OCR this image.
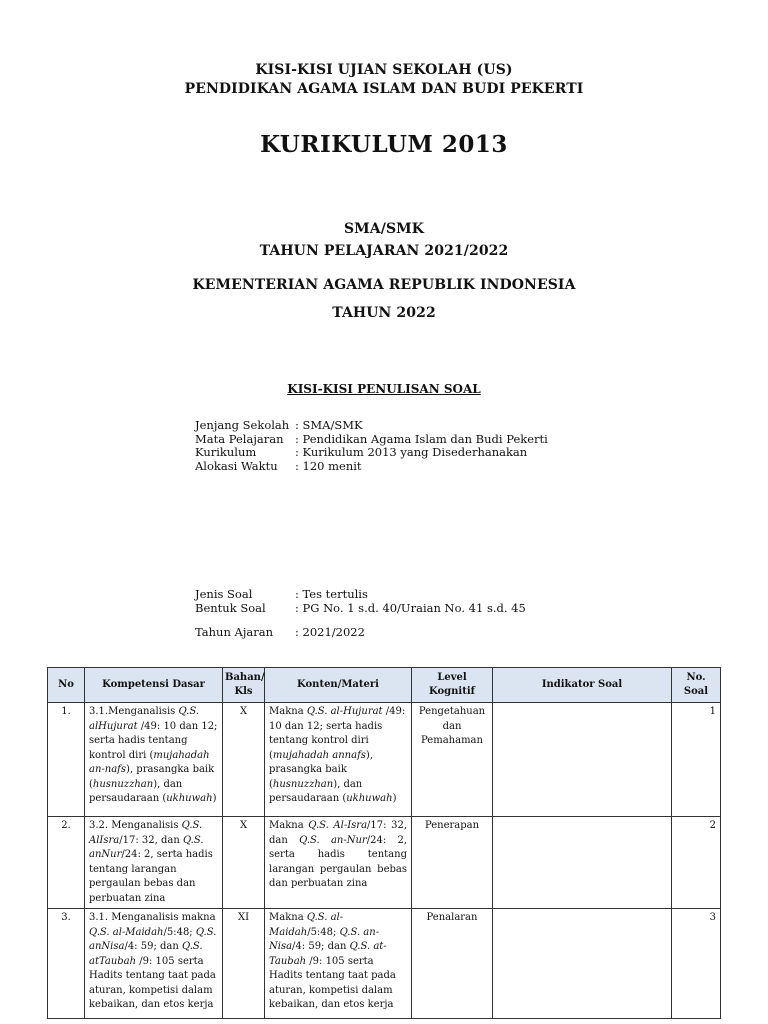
KISI-KISI UJIAN SEKOLAH (US)
PENDIDIKAN AGAMA ISLAM DAN BUDI PEKERTI
KURIKULUM 2013
SMA/SMK
TAHUN PELAJARAN 2021/2022
KEMENTERIAN AGAMA REPUBLIK INDONESIA
TAHUN 2022
KISI-KISI PENULISAN SOAL
Jenjang Sekolah : SMA/SMK
Mata Pelajaran : Pendidikan Agama Islam dan Budi Pekerti
Kurikulum	: Kurikulum 2013 yang Disederhanakan
Alokasi Waktu	: 120 menit
Jenis Soal	: Tes tertulis
Bentuk Soal	: PG No. 1 s.d. 40/Uraian No. 41 s.d. 45
Tahun Ajaran	: 2021/2022
No	Kompetensi Dasar	Bahan/ Kls	Konten/Materi	Level Kognitif	Indikator Soal	No. Soal
1.	3.1.Menganalisis Q.S. alHujurat /49: 10 dan 12; serta hadis tentang kontrol diri (mujahadah an-nafs), prasangka baik (husnuzzhan), dan persaudaraan (ukhuwah)	X	Makna Q.S. al-Hujurat /49: 10 dan 12; serta hadis tentang kontrol diri (mujahadah annafs), prasangka baik (husnuzzhan), dan persaudaraan (ukhuwah)	Pengetahuan dan Pemahaman		1
2.	3.2. Menganalisis Q.S. AlIsra/17: 32, dan Q.S. anNur/24: 2, serta hadis tentang larangan pergaulan bebas dan perbuatan zina	X	Makna Q.S. Al-Isra/17: 32, dan Q.S. an-Nur/24: 2, serta hadis tentang larangan pergaulan bebas dan perbuatan zina	Penerapan		2
3.	3.1. Menganalisis makna Q.S. al-Maidah/5:48; Q.S. anNisa/4: 59; dan Q.S. atTaubah /9: 105 serta Hadits tentang taat pada aturan, kompetisi dalam kebaikan, dan etos kerja	XI	Makna Q.S. al-Maidah/5:48; Q.S. an-Nisa/4: 59; dan Q.S. at-Taubah /9: 105 serta Hadits tentang taat pada aturan, kompetisi dalam kebaikan, dan etos kerja	Penalaran		3
